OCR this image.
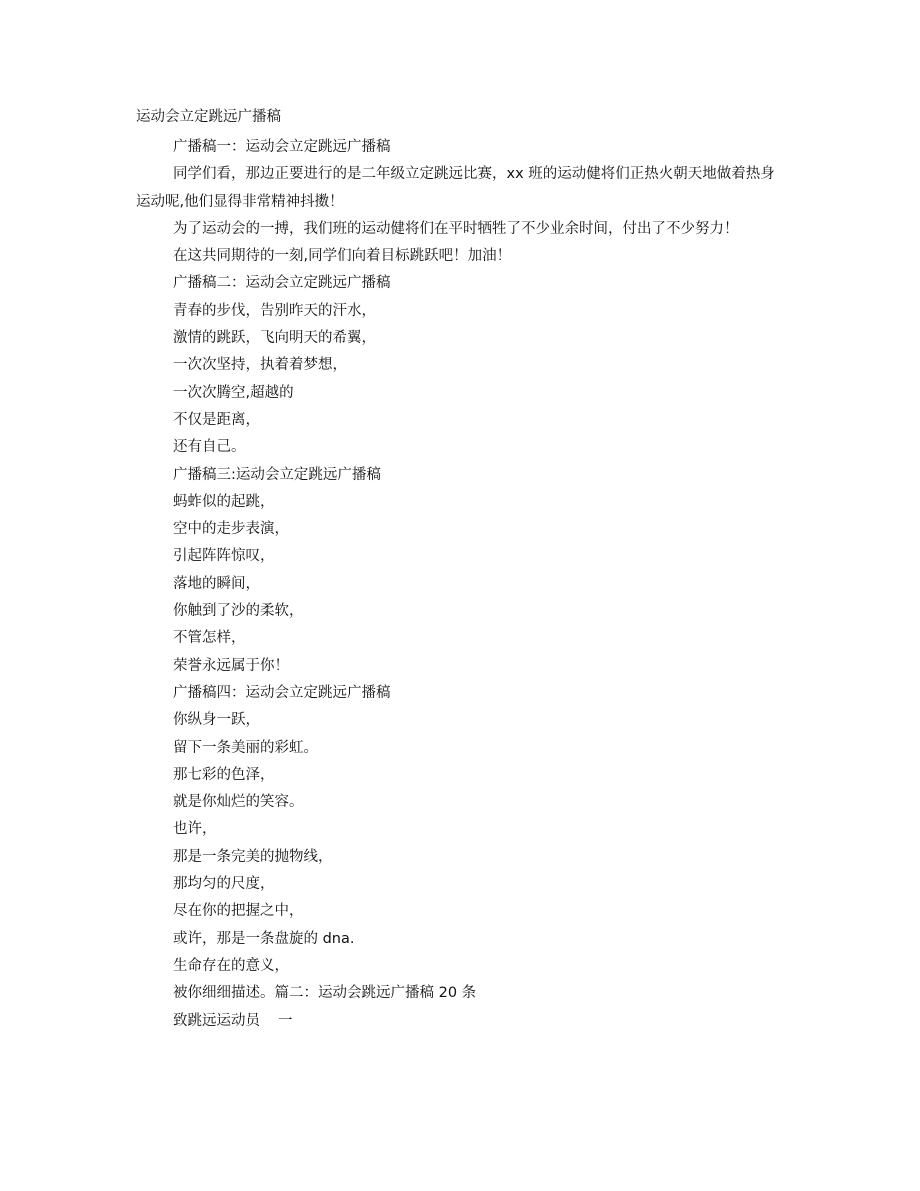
运动会立定跳远广播稿

广播稿一：运动会立定跳远广播稿

同学们看，那边正要进行的是二年级立定跳远比赛，xx 班的运动健将们正热火朝天地做着热身运动呢,他们显得非常精神抖擞！

为了运动会的一搏，我们班的运动健将们在平时牺牲了不少业余时间，付出了不少努力！

在这共同期待的一刻,同学们向着目标跳跃吧！加油！

广播稿二：运动会立定跳远广播稿

青春的步伐，告别昨天的汗水，

激情的跳跃，飞向明天的希翼，

一次次坚持，执着着梦想，

一次次腾空,超越的

不仅是距离，

还有自己。

广播稿三:运动会立定跳远广播稿

蚂蚱似的起跳，

空中的走步表演，

引起阵阵惊叹，

落地的瞬间，

你触到了沙的柔软，

不管怎样，

荣誉永远属于你！

广播稿四：运动会立定跳远广播稿

你纵身一跃，

留下一条美丽的彩虹。

那七彩的色泽，

就是你灿烂的笑容。

也许，

那是一条完美的抛物线，

那均匀的尺度，

尽在你的把握之中，

或许，那是一条盘旋的 dna.

生命存在的意义，

被你细细描述。篇二：运动会跳远广播稿 20 条

致跳远运动员 一
